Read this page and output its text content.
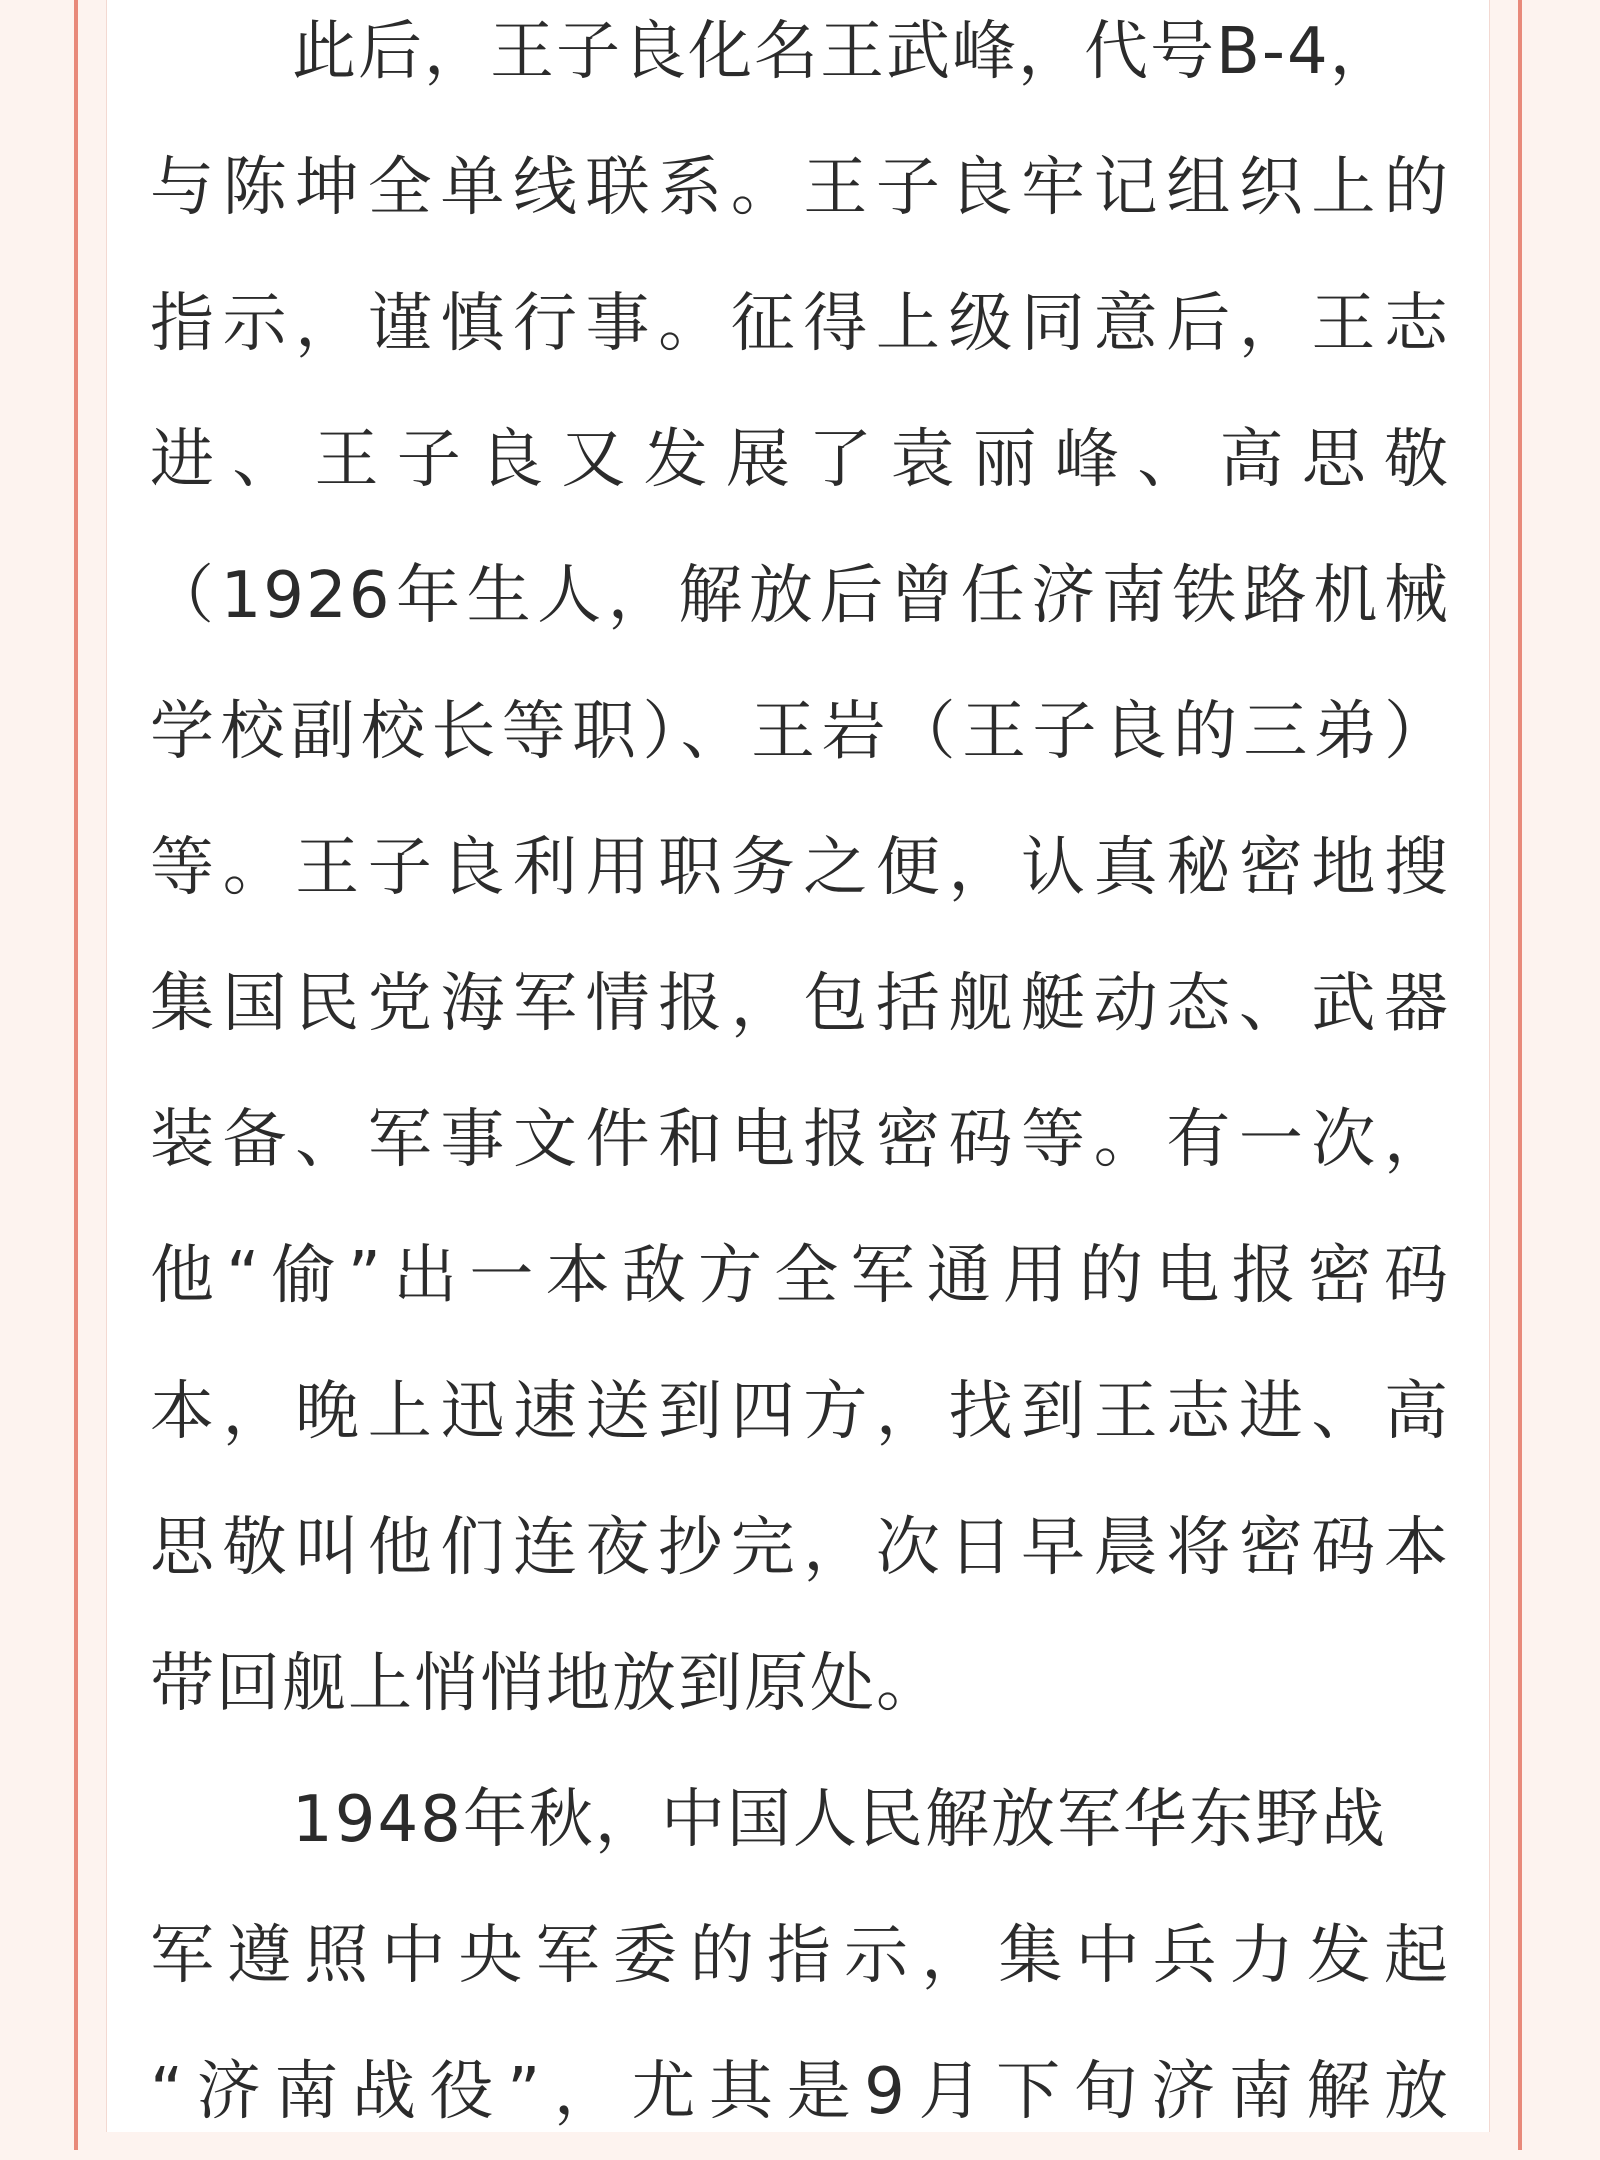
此后，王子良化名王武峰，代号B-4，
与陈坤全单线联系。王子良牢记组织上的
指示，谨慎行事。征得上级同意后，王志
进、王子良又发展了袁丽峰、高思敬
（1926年生人，解放后曾任济南铁路机械
学校副校长等职）、王岩（王子良的三弟）
等。王子良利用职务之便，认真秘密地搜
集国民党海军情报，包括舰艇动态、武器
装备、军事文件和电报密码等。有一次，
他“偷”出一本敌方全军通用的电报密码
本，晚上迅速送到四方，找到王志进、高
思敬叫他们连夜抄完，次日早晨将密码本
带回舰上悄悄地放到原处。
1948年秋，中国人民解放军华东野战
军遵照中央军委的指示，集中兵力发起
“济南战役”，尤其是9月下旬济南解放
